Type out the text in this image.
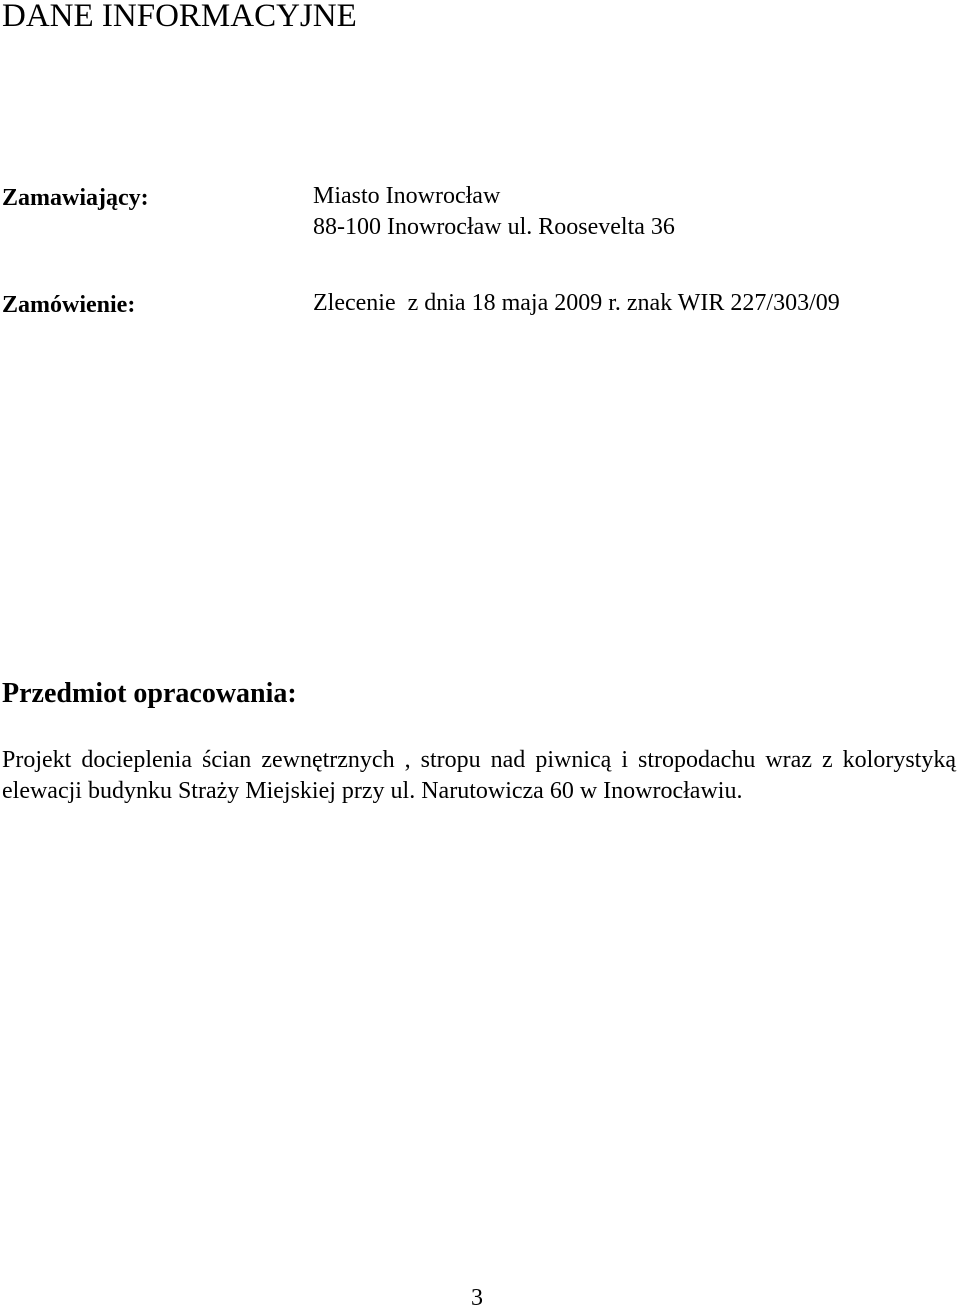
DANE INFORMACYJNE
Zamawiający:	Miasto Inowrocław
88-100 Inowrocław ul. Roosevelta 36
Zamówienie:	Zlecenie  z dnia 18 maja 2009 r. znak WIR 227/303/09
Przedmiot opracowania:

Projekt docieplenia ścian zewnętrznych , stropu nad piwnicą i stropodachu wraz z kolorystyką elewacji budynku Straży Miejskiej przy ul. Narutowicza 60 w Inowrocławiu.

3
